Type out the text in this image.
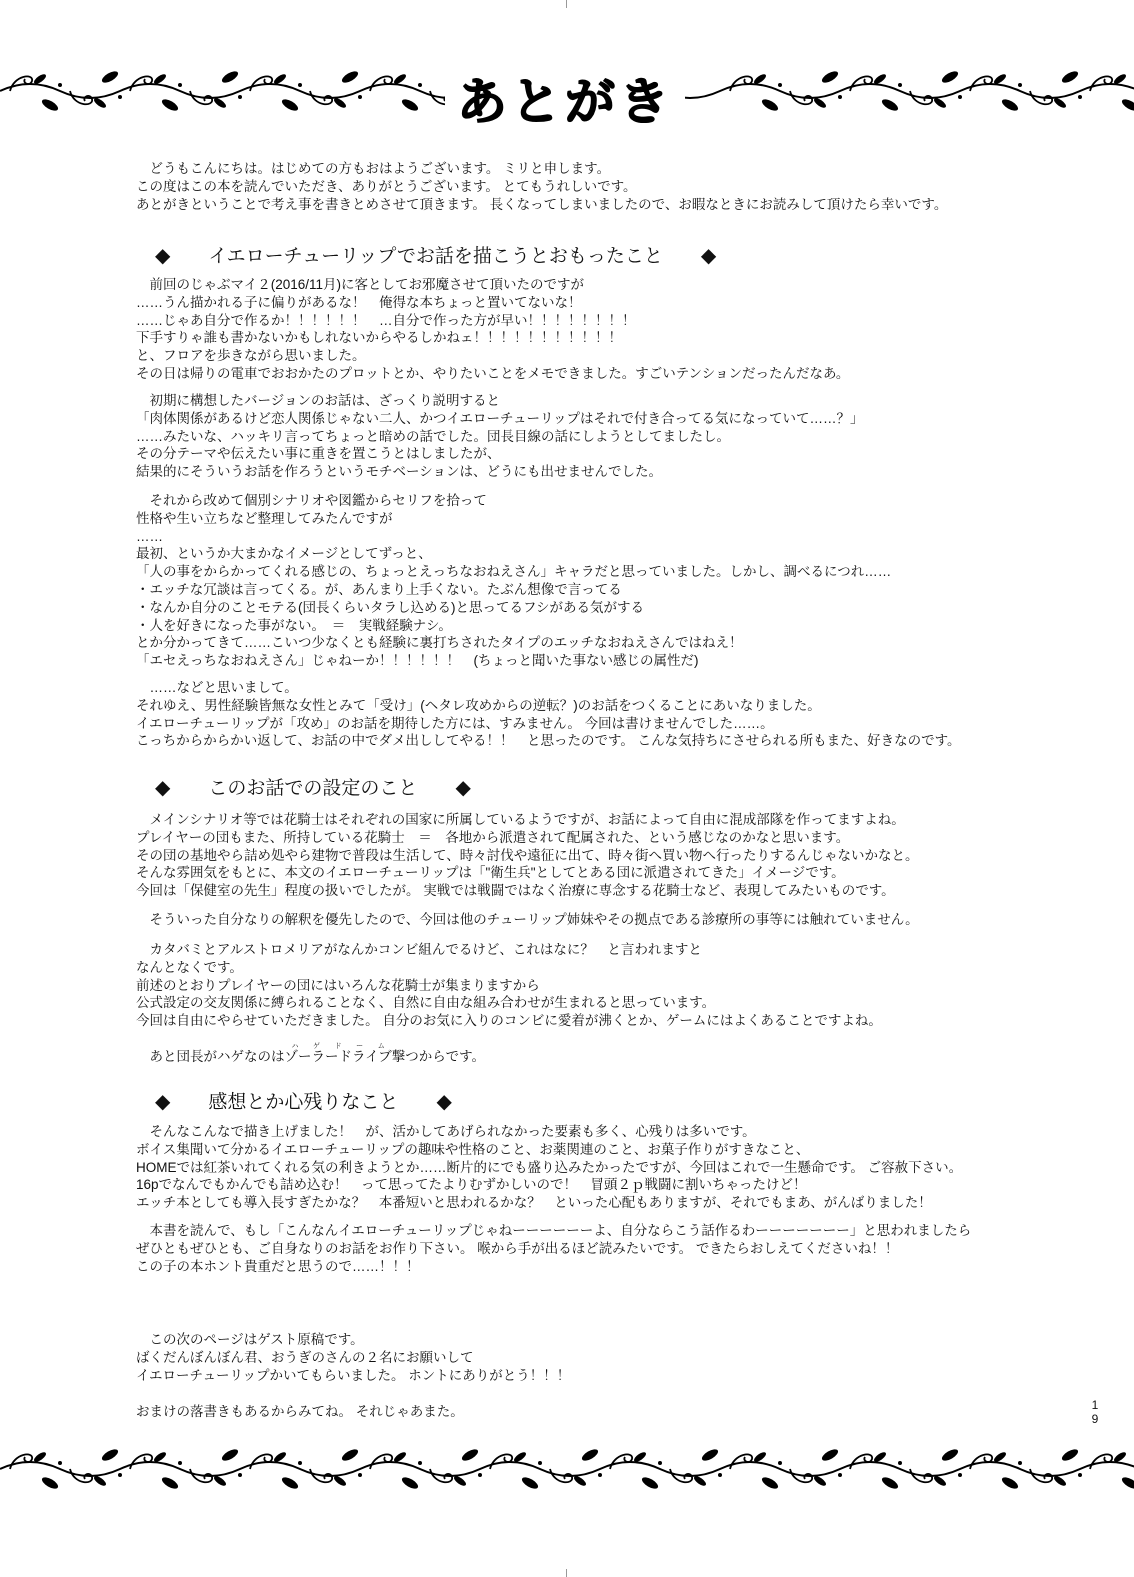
あとがき
　どうもこんにちは。はじめての方もおはようございます。 ミリと申します。
この度はこの本を読んでいただき、ありがとうございます。 とてもうれしいです。
あとがきということで考え事を書きとめさせて頂きます。 長くなってしまいましたので、お暇なときにお読みして頂けたら幸いです。
◆　　 イエローチューリップでお話を描こうとおもったこと　　 ◆
　前回のじゃぶマイ２(2016/11月)に客としてお邪魔させて頂いたのですが
……うん描かれる子に偏りがあるな！　俺得な本ちょっと置いてないな！
……じゃあ自分で作るか！！！！！！　…自分で作った方が早い！！！！！！！！
下手すりゃ誰も書かないかもしれないからやるしかねェ！！！！！！！！！！！
と、フロアを歩きながら思いました。
その日は帰りの電車でおおかたのプロットとか、やりたいことをメモできました。すごいテンションだったんだなあ。
　初期に構想したバージョンのお話は、ざっくり説明すると
「肉体関係があるけど恋人関係じゃない二人、かつイエローチューリップはそれで付き合ってる気になっていて……？」
……みたいな、ハッキリ言ってちょっと暗めの話でした。団長目線の話にしようとしてましたし。
その分テーマや伝えたい事に重きを置こうとはしましたが、
結果的にそういうお話を作ろうというモチベーションは、どうにも出せませんでした。
　それから改めて個別シナリオや図鑑からセリフを拾って
性格や生い立ちなど整理してみたんですが
……
最初、というか大まかなイメージとしてずっと、
「人の事をからかってくれる感じの、ちょっとえっちなおねえさん」キャラだと思っていました。しかし、調べるにつれ……
・エッチな冗談は言ってくる。が、あんまり上手くない。たぶん想像で言ってる
・なんか自分のことモテる(団長くらいタラし込める)と思ってるフシがある気がする
・人を好きになった事がない。　＝　実戦経験ナシ。
とか分かってきて……こいつ少なくとも経験に裏打ちされたタイプのエッチなおねえさんではねえ！
「エセえっちなおねえさん」じゃねーか！！！！！！　(ちょっと聞いた事ない感じの属性だ)
　……などと思いまして。
それゆえ、男性経験皆無な女性とみて「受け」(ヘタレ攻めからの逆転？)のお話をつくることにあいなりました。
イエローチューリップが「攻め」のお話を期待した方には、すみません。 今回は書けませんでした……。
こっちからからかい返して、お話の中でダメ出ししてやる！！　と思ったのです。 こんな気持ちにさせられる所もまた、好きなのです。
◆　　 このお話での設定のこと　　 ◆
　メインシナリオ等では花騎士はそれぞれの国家に所属しているようですが、お話によって自由に混成部隊を作ってますよね。
プレイヤーの団もまた、所持している花騎士　＝　各地から派遣されて配属された、という感じなのかなと思います。
その団の基地やら詰め処やら建物で普段は生活して、時々討伐や遠征に出て、時々街へ買い物へ行ったりするんじゃないかなと。
そんな雰囲気をもとに、本文のイエローチューリップは「"衛生兵"としてとある団に派遣されてきた」イメージです。
今回は「保健室の先生」程度の扱いでしたが。 実戦では戦闘ではなく治療に専念する花騎士など、表現してみたいものです。
　そういった自分なりの解釈を優先したので、今回は他のチューリップ姉妹やその拠点である診療所の事等には触れていません。
　カタバミとアルストロメリアがなんかコンビ組んでるけど、これはなに？　と言われますと
なんとなくです。
前述のとおりプレイヤーの団にはいろんな花騎士が集まりますから
公式設定の交友関係に縛られることなく、自然に自由な組み合わせが生まれると思っています。
今回は自由にやらせていただきました。 自分のお気に入りのコンビに愛着が沸くとか、ゲームにはよくあることですよね。
　あと団長がハゲなのはゾーラードライブハゲドーム撃つからです。
◆　　 感想とか心残りなこと　　 ◆
　そんなこんなで描き上げました！　が、活かしてあげられなかった要素も多く、心残りは多いです。
ボイス集聞いて分かるイエローチューリップの趣味や性格のこと、お薬関連のこと、お菓子作りがすきなこと、
HOMEでは紅茶いれてくれる気の利きようとか……断片的にでも盛り込みたかったですが、今回はこれで一生懸命です。 ご容赦下さい。
16pでなんでもかんでも詰め込む！　って思ってたよりむずかしいので！　冒頭２ｐ戦闘に割いちゃったけど！
エッチ本としても導入長すぎたかな？　本番短いと思われるかな？　といった心配もありますが、それでもまあ、がんばりました！
　本書を読んで、もし「こんなんイエローチューリップじゃねーーーーーーよ、自分ならこう話作るわーーーーーーー」と思われましたら
ぜひともぜひとも、ご自身なりのお話をお作り下さい。 喉から手が出るほど読みたいです。 できたらおしえてくださいね！！
この子の本ホント貴重だと思うので……！！！
　この次のページはゲスト原稿です。
ばくだんぼんぼん君、おうぎのさんの２名にお願いして
イエローチューリップかいてもらいました。 ホントにありがとう！！！
おまけの落書きもあるからみてね。 それじゃあまた。	1
9
